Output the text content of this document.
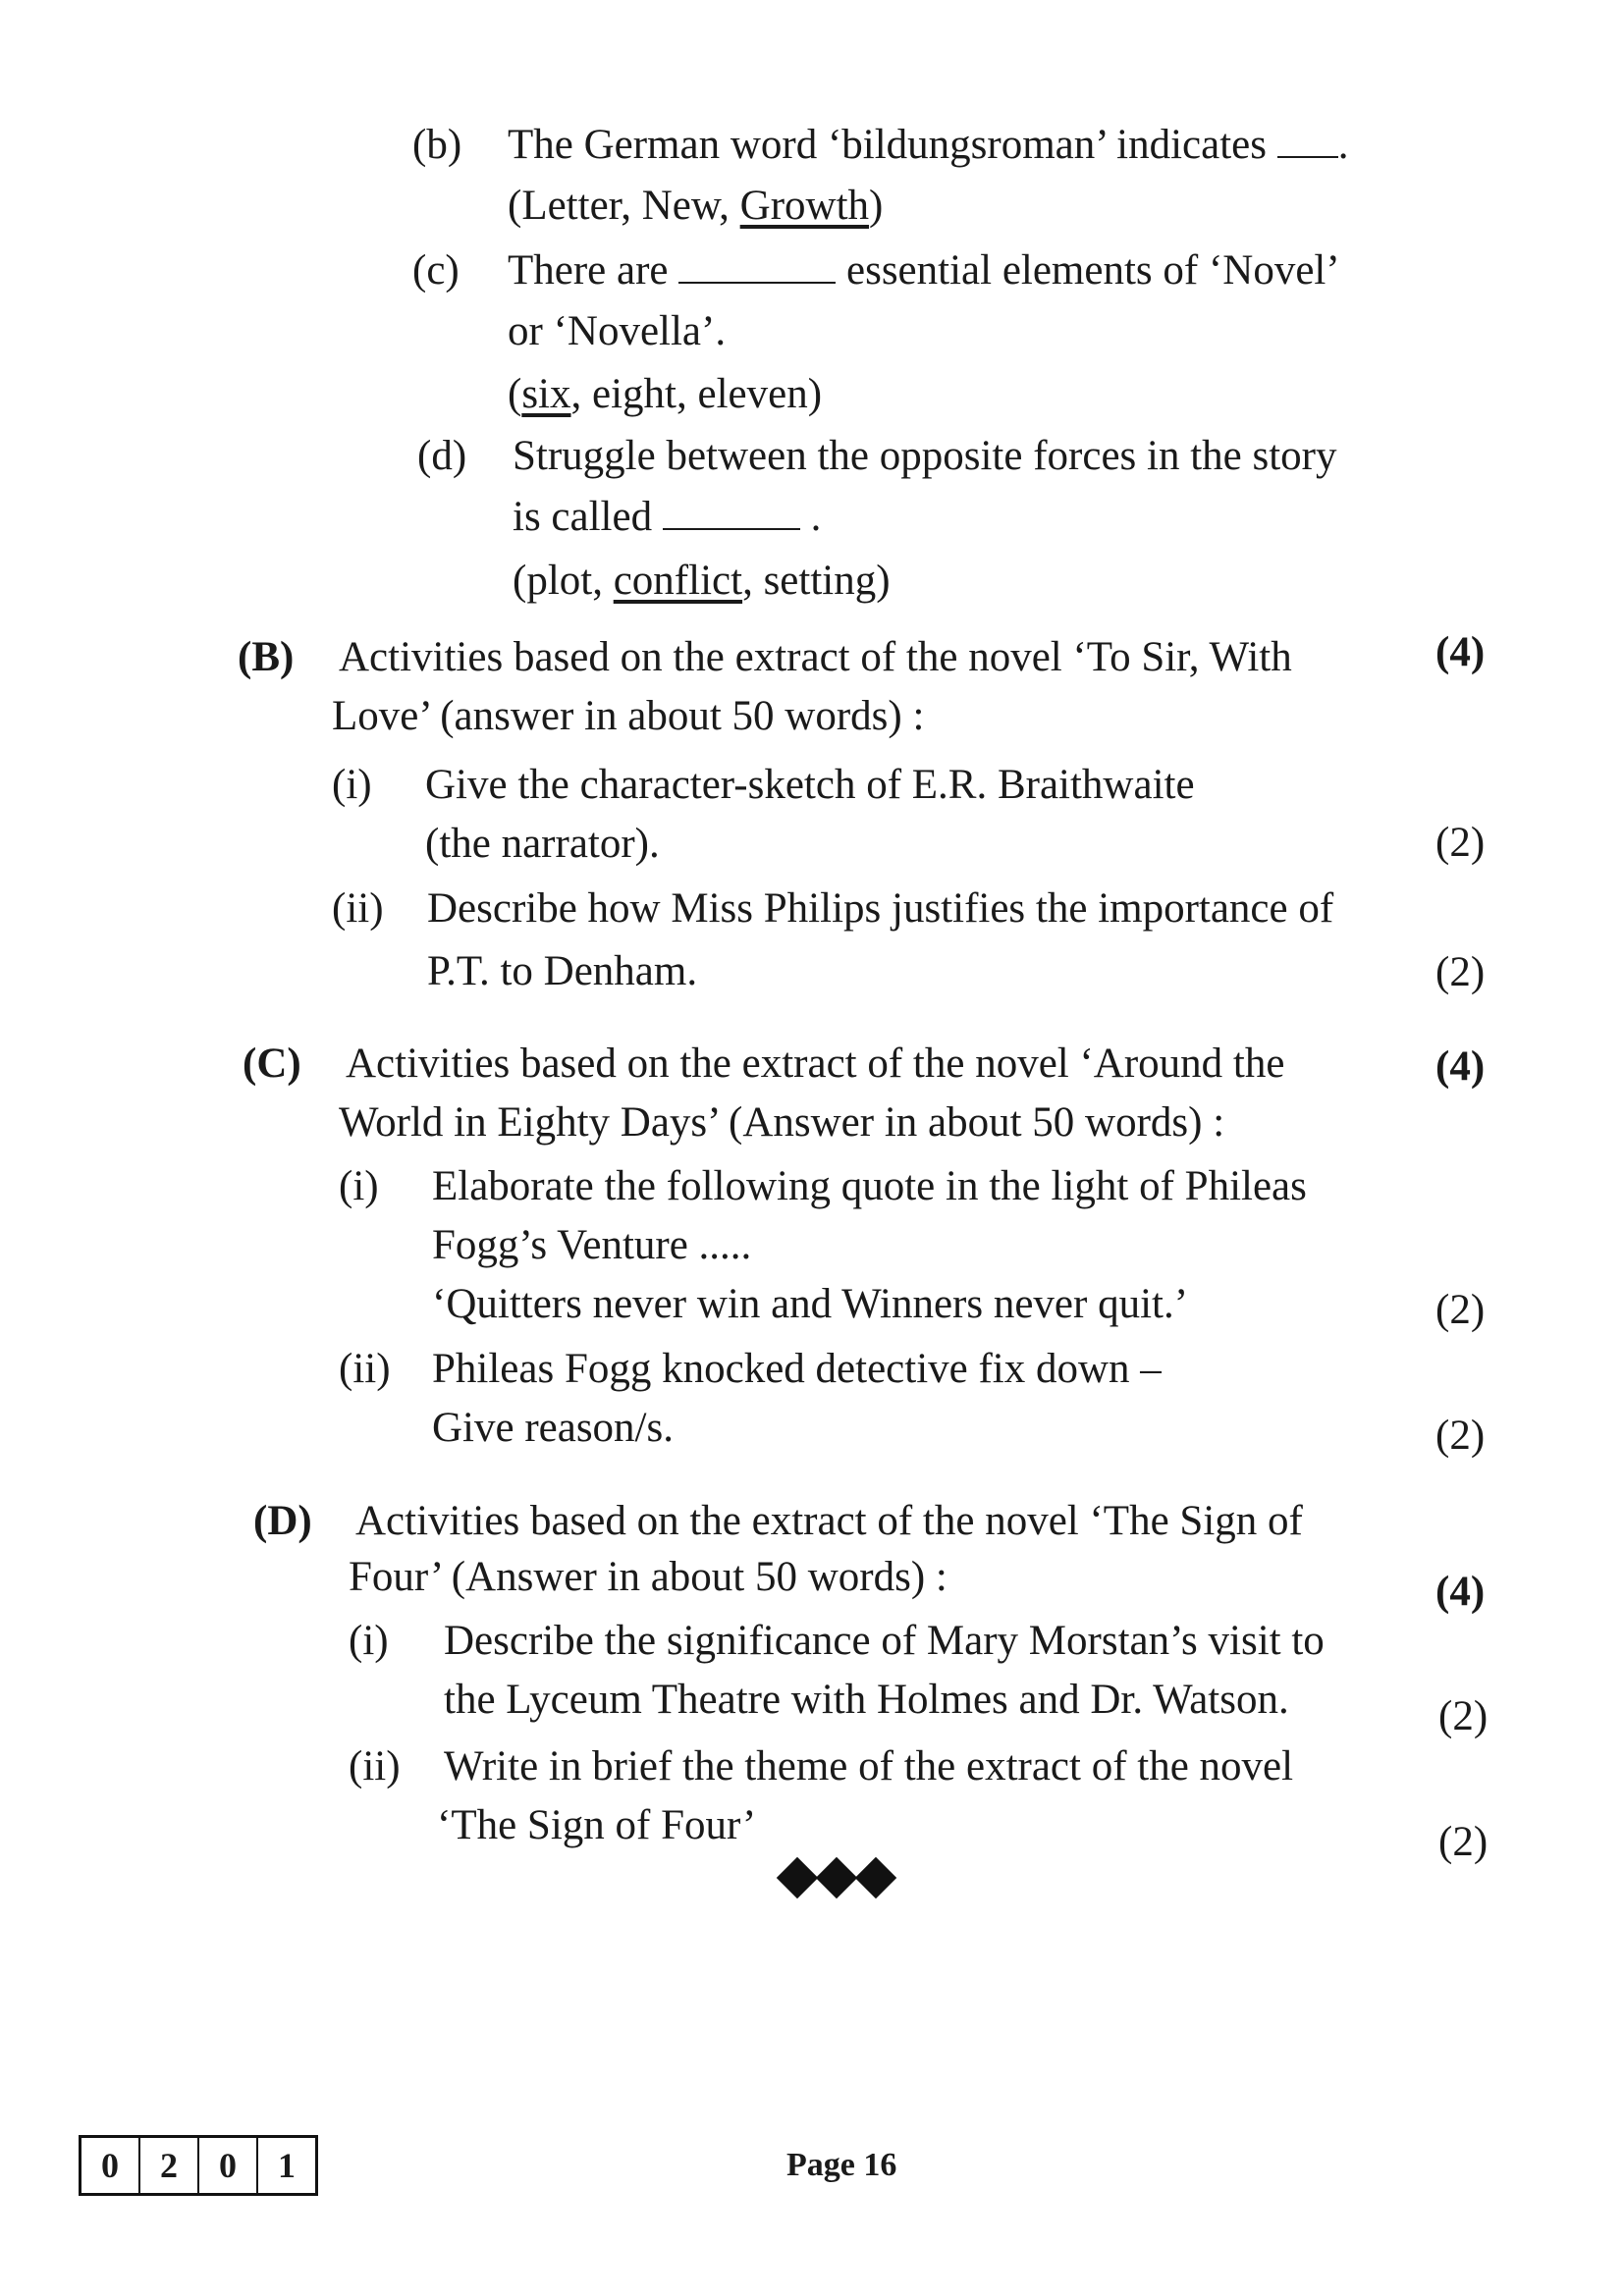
(b) The German word ‘bildungsroman’ indicates .
(Letter, New, Growth)
(c) There are	essential elements of ‘Novel’
or ‘Novella’.
(six, eight, eleven)
(d) Struggle between the opposite forces in the story
is called	.
(plot, conflict, setting)
(B) Activities based on the extract of the novel ‘To Sir, With	(4)
Love’ (answer in about 50 words) :
(i) Give the character-sketch of E.R. Braithwaite
(the narrator).	(2)
(ii) Describe how Miss Philips justifies the importance of
P.T. to Denham.	(2)
(C) Activities based on the extract of the novel ‘Around the	(4)
World in Eighty Days’ (Answer in about 50 words) :
(i) Elaborate the following quote in the light of Phileas
Fogg’s Venture .....
‘Quitters never win and Winners never quit.’	(2)
(ii) Phileas Fogg knocked detective fix down –
Give reason/s.	(2)
(D) Activities based on the extract of the novel ‘The Sign of
Four’ (Answer in about 50 words) :	(4)
(i) Describe the significance of Mary Morstan’s visit to
the Lyceum Theatre with Holmes and Dr. Watson.	(2)
(ii) Write in brief the theme of the extract of the novel
‘The Sign of Four’	(2)
0	2	0	1	Page 16
